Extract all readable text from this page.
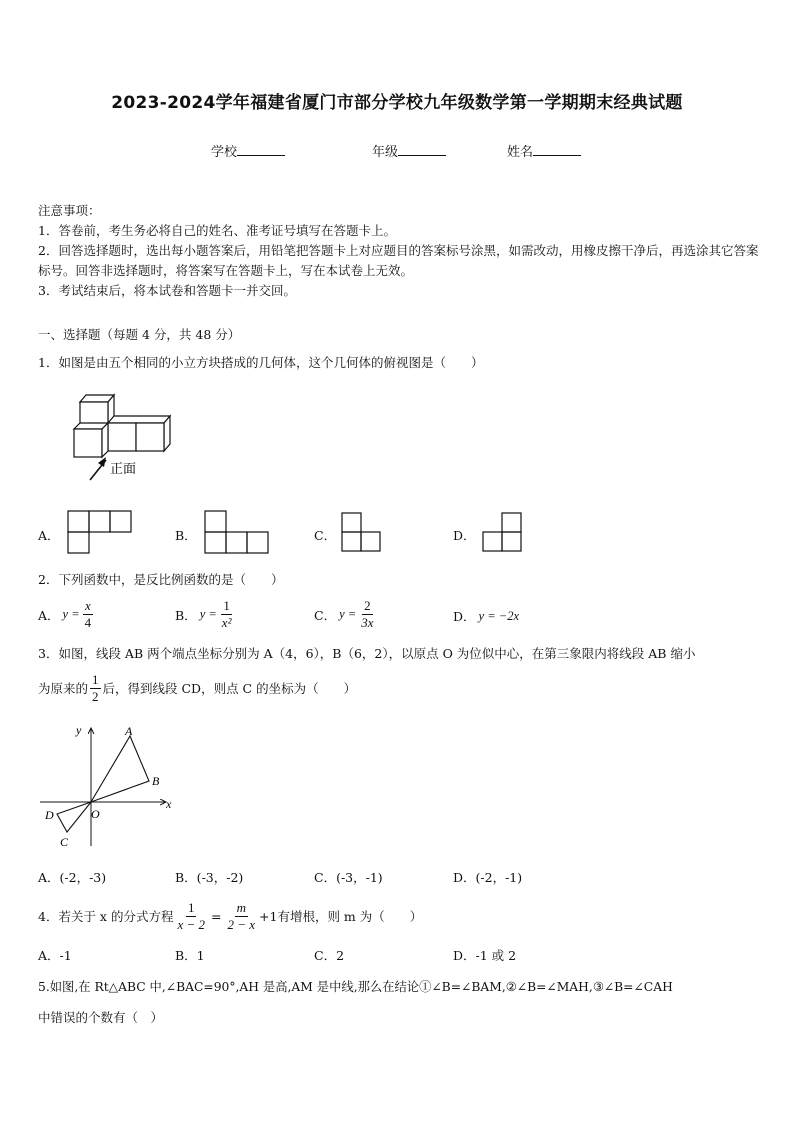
2023-2024学年福建省厦门市部分学校九年级数学第一学期期末经典试题
学校	年级	姓名

注意事项：

1．答卷前，考生务必将自己的姓名、准考证号填写在答题卡上。

2．回答选择题时，选出每小题答案后，用铅笔把答题卡上对应题目的答案标号涂黑，如需改动，用橡皮擦干净后，再选涂其它答案标号。回答非选择题时，将答案写在答题卡上，写在本试卷上无效。

3．考试结束后，将本试卷和答题卡一并交回。

一、选择题（每题 4 分，共 48 分）
1．如图是由五个相同的小立方块搭成的几何体，这个几何体的俯视图是（　　）
正面
A．	B．	C．	D．
2．下列函数中，是反比例函数的是（　　）
A． $y = \frac{x}{4}$	B． $y = \frac{1}{\text{x²}}$	C． $y = \frac{2}{3x}$	D． y = −2x
3．如图，线段 AB 两个端点坐标分别为 A（4，6），B（6，2），以原点 O 为位似中心，在第三象限内将线段 AB 缩小
为原来的 $\frac{1}{2}$ 后，得到线段 CD，则点 C 的坐标为（　　）
y
x
A
B
O
D
C
A．(-2，-3)	B．(-3，-2)	C．(-3，-1)	D．(-2，-1)
4．若关于 x 的分式方程 $\frac{1}{x - 2} = \frac{m}{2 - x} +1$有增根，则 m 为（　　）
A．-1	B．1	C．2	D．-1 或 2
5.如图,在 Rt△ABC 中,∠BAC=90°,AH 是高,AM 是中线,那么在结论①∠B=∠BAM,②∠B=∠MAH,③∠B=∠CAH
中错误的个数有（　）
